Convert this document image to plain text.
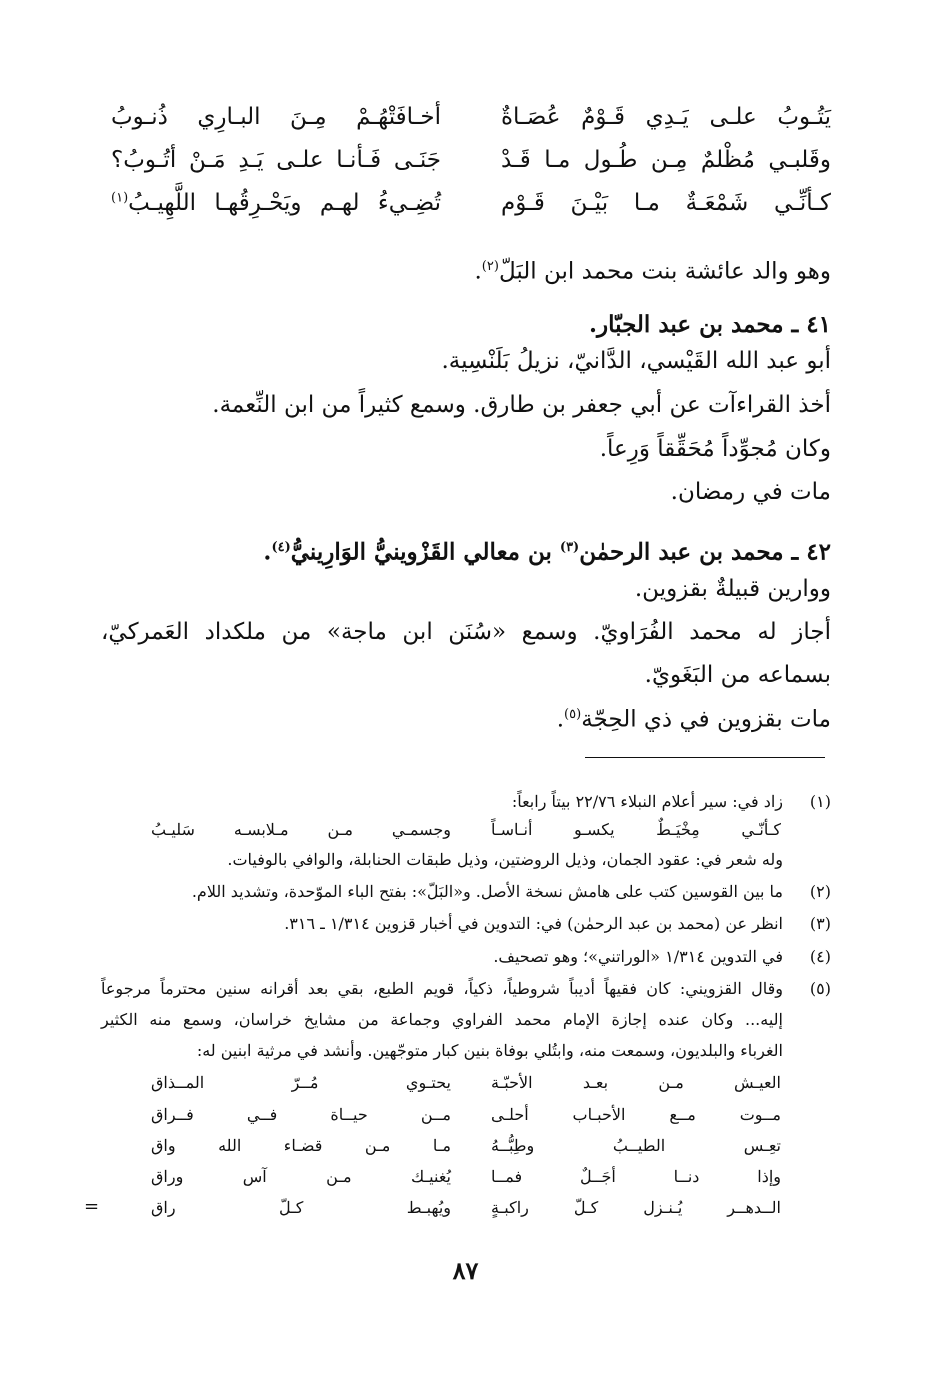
يَتُـوبُ علـى يَـدِي قَـوْمٌ عُصَـاةٌ
أخـافَتْهُـمْ مِـنَ البـارِي ذُنـوبُ
وقَلبـي مُظْلمٌ مِـن طُـول مـا قَـدْ
جَنَـى فَـأنـا علـى يَـدِ مَـنْ أتُـوبُ؟
كـأنِّـي شَمْعَـةٌ مـا بَيْـنَ قَـوْم
تُضِـيءُ لهـم ويَحْـرِقُهـا اللَّهِيـبُ$^{(١)}$
وهو والد عائشة بنت محمد ابن البَلّ$^{(٢)}$.
٤١ ـ محمد بن عبد الجبّار.
أبو عبد الله القَيْسي، الدَّانيّ، نزيلُ بَلَنْسِية.
أخذ القراءآت عن أبي جعفر بن طارق. وسمع كثيراً من ابن النِّعمة.
وكان مُجوِّداً مُحَقِّقاً وَرِعاً.
مات في رمضان.
٤٢ ـ محمد بن عبد الرحمٰن$^{(٣)}$ بن معالي القَزْوينيُّ الوَارِينيُّ$^{(٤)}$.
ووارين قبيلةٌ بقزوين.
أجاز له محمد الفُرَاويّ. وسمع «سُنَن ابن ماجة» من ملكداد العَمركيّ،
بسماعه من البَغَويّ.
مات بقزوين في ذي الحِجّة$^{(٥)}$.
(١)
زاد في: سير أعلام النبلاء ٢٢/٧٦ بيتاً رابعاً:
كـأنّـي مِخْيَـطٌ يكسـو أنـاسـاً
وجسمـي مـن مـلابسـه سَليـبُ
وله شعر في: عقود الجمان، وذيل الروضتين، وذيل طبقات الحنابلة، والوافي بالوفيات.
(٢)
ما بين القوسين كتب على هامش نسخة الأصل. و«البَلّ»: بفتح الباء الموّحدة، وتشديد اللام.
(٣)
انظر عن (محمد بن عبد الرحمٰن) في: التدوين في أخبار قزوين ١/٣١٤ ـ ٣١٦.
(٤)
في التدوين ١/٣١٤ «الوراتني»؛ وهو تصحيف.
(٥)
وقال القزويني: كان فقيهاً أديباً شروطياً، ذكياً، قويم الطبع، بقي بعد أقرانه سنين محترماً مرجوعاً
إليه... وكان عنده إجازة الإمام محمد الفراوي وجماعة من مشايخ خراسان، وسمع منه الكثير
الغرباء والبلديون، وسمعت منه، وابتُلي بوفاة بنين كبار متوجّهين. وأنشد في مرثية ابنين له:
العيـش مـن بعـد الأحبّـة
يحتـوي مُــرّ المــذاق
مــوت مــع الأحبـاب أحلـى
مــن حيــاة فــي فــراق
تعِـس الطيــبُ وطِبُّــهُ
مـا مـن قضـاء الله واق
وإذا دنــا أجَــلٌ فمــا
يُغنيـك مـن آس وراق
الــدهــر يُـنـزل كـلّ راكبـةٍ
ويُهبـط كـلّ راق
=
٨٧
